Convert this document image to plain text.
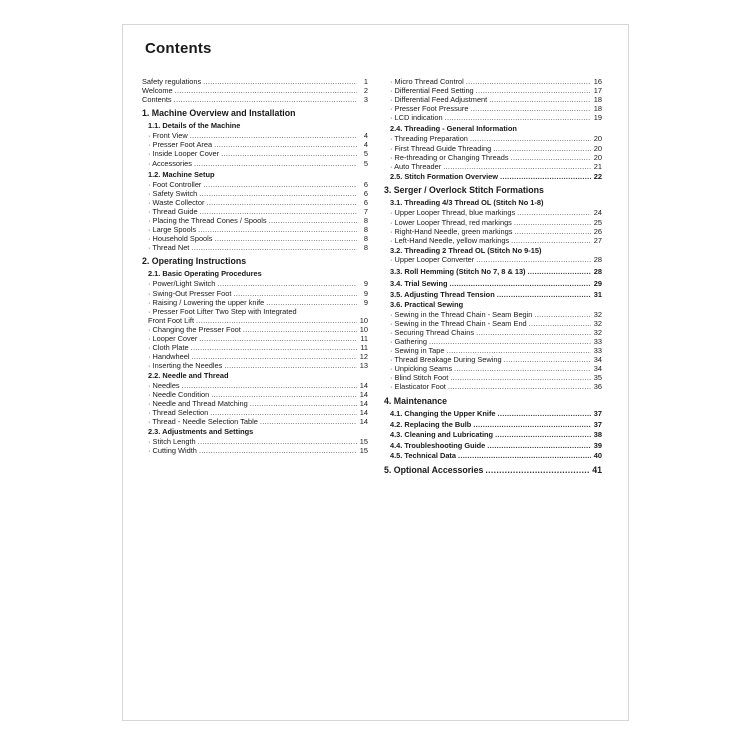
Contents
Safety regulations .....	1
Welcome .....	2
Contents .....	3
1. Machine Overview and Installation
1.1. Details of the Machine
· Front View .....	4
· Presser Foot Area .....	4
· Inside Looper Cover .....	5
· Accessories .....	5
1.2. Machine Setup
· Foot Controller .....	6
· Safety Switch .....	6
· Waste Collector .....	6
· Thread Guide .....	7
· Placing the Thread Cones / Spools .....	8
· Large Spools .....	8
· Household Spools .....	8
· Thread Net .....	8
2. Operating Instructions
2.1. Basic Operating Procedures
· Power/Light Switch .....	9
· Swing-Out Presser Foot .....	9
· Raising / Lowering the upper knife .....	9
· Presser Foot Lifter Two Step with Integrated
Front Foot Lift .....	10
· Changing the Presser Foot .....	10
· Looper Cover .....	11
· Cloth Plate .....	11
· Handwheel .....	12
· Inserting the Needles .....	13
2.2. Needle and Thread
· Needles .....	14
· Needle Condition .....	14
· Needle and Thread Matching .....	14
· Thread Selection .....	14
· Thread - Needle Selection Table .....	14
2.3. Adjustments and Settings
· Stitch Length .....	15
· Cutting Width .....	15
· Micro Thread Control .....	16
· Differential Feed Setting .....	17
· Differential Feed Adjustment .....	18
· Presser Foot Pressure .....	18
· LCD indication .....	19
2.4. Threading - General Information
· Threading Preparation .....	20
· First Thread Guide Threading .....	20
· Re-threading or Changing Threads .....	20
· Auto Threader .....	21
2.5. Stitch Formation Overview .....	22
3. Serger / Overlock Stitch Formations
3.1. Threading 4/3 Thread OL (Stitch No 1-8)
· Upper Looper Thread, blue markings .....	24
· Lower Looper Thread, red markings .....	25
· Right-Hand Needle, green markings .....	26
· Left-Hand Needle, yellow markings .....	27
3.2. Threading 2 Thread OL (Stitch No 9-15)
· Upper Looper Converter .....	28
3.3. Roll Hemming (Stitch No 7, 8 & 13) .....	28
3.4. Trial Sewing .....	29
3.5. Adjusting Thread Tension .....	31
3.6. Practical Sewing
· Sewing in the Thread Chain - Seam Begin .....	32
· Sewing in the Thread Chain - Seam End .....	32
· Securing Thread Chains .....	32
· Gathering .....	33
· Sewing in Tape .....	33
· Thread Breakage During Sewing .....	34
· Unpicking Seams .....	34
· Blind Stitch Foot .....	35
· Elasticator Foot .....	36
4. Maintenance
4.1. Changing the Upper Knife .....	37
4.2. Replacing the Bulb .....	37
4.3. Cleaning and Lubricating .....	38
4.4. Troubleshooting Guide .....	39
4.5. Technical Data .....	40
5. Optional Accessories .....	41
